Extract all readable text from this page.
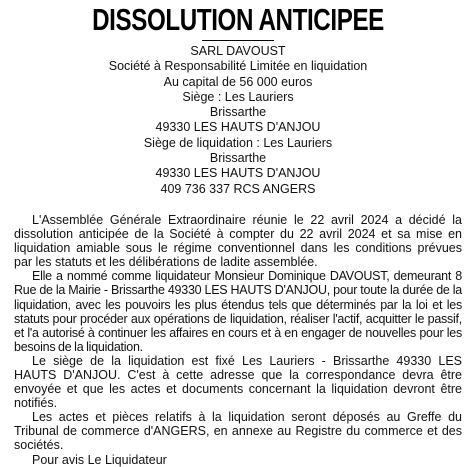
DISSOLUTION ANTICIPEE
SARL DAVOUST
Société à Responsabilité Limitée en liquidation
Au capital de 56 000 euros
Siège : Les Lauriers
Brissarthe
49330 LES HAUTS D'ANJOU
Siège de liquidation : Les Lauriers
Brissarthe
49330 LES HAUTS D'ANJOU
409 736 337 RCS ANGERS

L'Assemblée Générale Extraordinaire réunie le 22 avril 2024 a décidé la dissolution anticipée de la Société à compter du 22 avril 2024 et sa mise en liquidation amiable sous le régime conventionnel dans les conditions prévues par les statuts et les délibérations de ladite assemblée.

Elle a nommé comme liquidateur Monsieur Dominique DAVOUST, demeurant 8 Rue de la Mairie - Brissarthe 49330 LES HAUTS D'ANJOU, pour toute la durée de la liquidation, avec les pouvoirs les plus étendus tels que déterminés par la loi et les statuts pour procéder aux opérations de liquidation, réaliser l'actif, acquitter le passif, et l'a autorisé à continuer les affaires en cours et à en engager de nouvelles pour les besoins de la liquidation.

Le siège de la liquidation est fixé Les Lauriers - Brissarthe 49330 LES HAUTS D'ANJOU. C'est à cette adresse que la correspondance devra être envoyée et que les actes et documents concernant la liquidation devront être notifiés.

Les actes et pièces relatifs à la liquidation seront déposés au Greffe du Tribunal de commerce d'ANGERS, en annexe au Registre du commerce et des sociétés.

Pour avis Le Liquidateur
